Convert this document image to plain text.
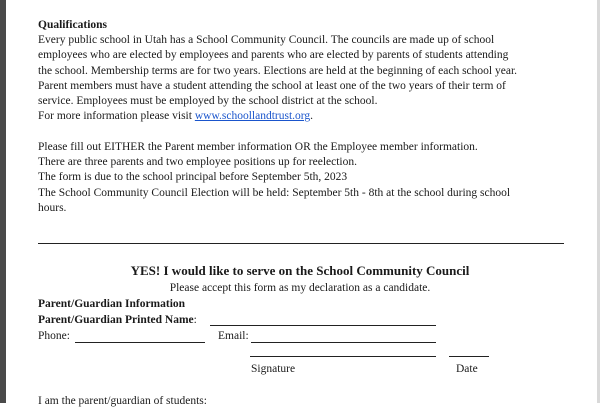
Qualifications

Every public school in Utah has a School Community Council. The councils are made up of school
employees who are elected by employees and parents who are elected by parents of students attending
the school. Membership terms are for two years. Elections are held at the beginning of each school year.
Parent members must have a student attending the school at least one of the two years of their term of
service. Employees must be employed by the school district at the school.
For more information please visit www.schoollandtrust.org.

Please fill out EITHER the Parent member information OR the Employee member information.
There are three parents and two employee positions up for reelection.
The form is due to the school principal before September 5th, 2023
The School Community Council Election will be held: September 5th - 8th at the school during school
hours.

YES! I would like to serve on the School Community Council
Please accept this form as my declaration as a candidate.
Parent/Guardian Information
Parent/Guardian Printed Name:
Phone:	Email:
Signature	Date
I am the parent/guardian of students:
